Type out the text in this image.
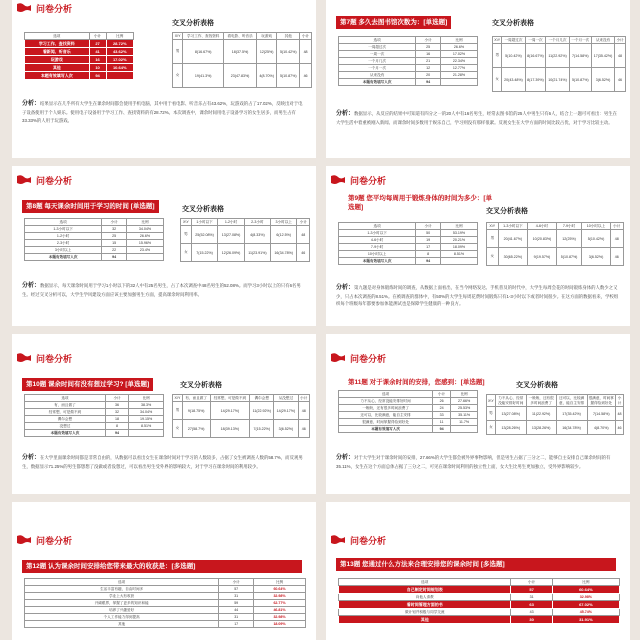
问卷分析
选项	小计	比例
学习工作、查找资料	27	28.72%
看新闻、听音乐	41	43.62%
玩游戏	16	17.02%
其他	10	10.64%
本题有效填写人次	94	
交叉分析表格
X\Y	学习工作、查找资料	看电影、听音乐	玩游戏	其他	小计
男	8(16.67%)	18(37.5%)	12(25%)	5(10.42%)	48
女	19(41.3%)	23(47.83%)	4(8.70%)	5(10.87%)	46
分析：结果显示在几乎所有大学生在课余时间都会使用手机电脑，其中用于看电影、听音乐占有43.62%，玩游戏的占了17.02%，反映出对于电子设备使用于个人娱乐。使用电子设备用于学习工作、查找资料的有28.72%。本次调查中，课余时间用电子设备学习的女生居多，而男生占有33.33%的人用于玩游戏。
第7题 多久去图书馆次数为：[单选题]	交叉分析表格
选项	小计	比例
一周超过次	25	26.6%
一周一次	16	17.02%
一个月几次	21	22.34%
一个月一次	12	12.77%
从来没有	20	21.28%
本题有效填写人次	94	
X\Y	一周超过次	一周一次	一个月几次	一个月一次	从来没有	小计
男	5(10.42%)	8(16.67%)	11(22.92%)	7(14.58%)	17(35.42%)	48
女	20(43.48%)	8(17.39%)	10(21.74%)	5(10.87%)	3(6.52%)	46
分析：数据显示，从反应的结果中可知道有四分之一的20人中有16名男生，经常去图书馆的25人中男生只有6人，结合上一题可可看出：男生在大学生活中着重被刚入新闻、而课余时间多数用于娱乐自己，学习则没有那样很紧。反观女生在大学方面的时间比较占优，对于学习比较主动。
问卷分析
第8题 每天课余时间用于学习的时间 [单选题]
选项	小计	比例
1-3小时以下	32	34.04%
1-2小时	25	26.6%
2-3小时	15	15.96%
3小时以上	22	23.4%
本题有效填写人次	94	
交叉分析表格
X\Y	1小时以下	1-2小时	2-3小时	3小时以上	小计
男	25(52.08%)	13(27.08%)	4(8.33%)	6(12.5%)	48
女	7(15.22%)	12(26.09%)	11(23.91%)	16(34.78%)	46
分析：数据显示，每天课余时间用于学习1小时以下的32人中有25名男生，占了本次调查中48名男生的52.08%。而学习3小时以上的只有6名男生。经过交叉分析可以，大学生学风建设方面应该主要加强男生方面，提高课余时间利用率。
问卷分析
第9题 您平均每周用于锻炼身体的时间为多少：[单选题]
交叉分析表格
选项	小计	比例
1-3小时以下	50	53.19%
4-6小时	19	20.21%
7-9小时	17	18.09%
10小时以上	8	8.51%
本题有效填写人次	94	
X\Y	1-3小时以下	4-6小时	7-9小时	10小时以上	小计
男	20(41.67%)	10(20.83%)	12(25%)	5(10.42%)	48
女	30(65.22%)	9(19.57%)	5(10.87%)	3(6.52%)	46
分析：第九题是对身体锻炼时间的调查，从数据上面看出，在当今网络发达、手机普及的时代中，大学生每周会花的时间锻炼身体的人数少之又少，只占本次调查的8.51%。在被调查的群体中，有50%的大学生每周花费时间锻炼只有1-3小时以下或者时间很少。在这方面的数据看来，学校组织每个班级每年都要参加体能测试也是保障学生健康的一种良方。
问卷分析
第10题 课余时间有没有想过学习? [单选题]	交叉分析表格
选项	小计	比例
有，而且做了	36	38.3%
经常想，可是做不到	32	34.04%
偶尔会想	18	19.15%
没想过	8	8.51%
本题有效填写人次	94	
X\Y	有，而且做了	经常想，可是做不到	偶尔会想	从没想过	小计
男	9(18.75%)	14(29.17%)	11(22.92%)	14(29.17%)	48
女	27(58.7%)	18(39.13%)	7(15.22%)	3(6.52%)	46
分析：在大学里面课余时间都是非常自由的，从数据可以看出女生在课余时间对于学习的人数较多，占据了女生被调查人数的58.7%，而反观男生，数据显示71.25%的男生都想想了没做或者没想过，可以看出男生受外界的影响较大，对于学习在课余时间的利用较少。
问卷分析
第11题 对于课余时间的安排，您感到：[单选题]	交叉分析表格
选项	小计	比例
力不从心，经常没能安排好时间	26	27.66%
一般般，还有很多时间浪费了	24	25.53%
还可以，比较满意，能自主安排	33	35.11%
很满意，时间掌握得恰到好处	11	11.7%
本题有效填写人次	94	
X\Y	力不从心，经常没能安排好时间	一般般，还有很多时间浪费了	还可以，比较满意，能自主安排	很满意，时间掌握得恰到好处	小计
男	13(27.08%)	11(22.92%)	17(35.42%)	7(14.58%)	48
女	13(28.26%)	13(28.26%)	16(34.78%)	4(8.70%)	46
分析：对于大学生对于课余时间的安排，27.66%的大学生都会被外界事物影响，但是男生占据了三分之二，能够自主安排自己课余时间的有35.11%，女生在这个方面总体占据了三分之二，可见在课余时间利用的独立性上面，女大生比男生更加独立，受外界影响较少。
问卷分析
第12题 认为课余时间安排给您带来最大的收获是：[多选题]
选项	小计	比例
生活丰富有趣，自由时间多	57	60.64%
学业上大有收获	31	32.98%
开阔眼界，掌握了更多的知识和能	59	62.77%
培养了兴趣爱好	44	46.81%
个人工作能力得到提高	31	32.98%
其他	17	18.09%
问卷分析
第13题 您通过什么方法来合理安排您的课余时间 [多选题]
选项	小计	比例
自己制定时间规划表	57	60.64%
向他人请教	31	32.98%
看时间管理方面的书	63	67.02%
做计划并积极与同学交流	43	45.74%
其他	30	31.91%
